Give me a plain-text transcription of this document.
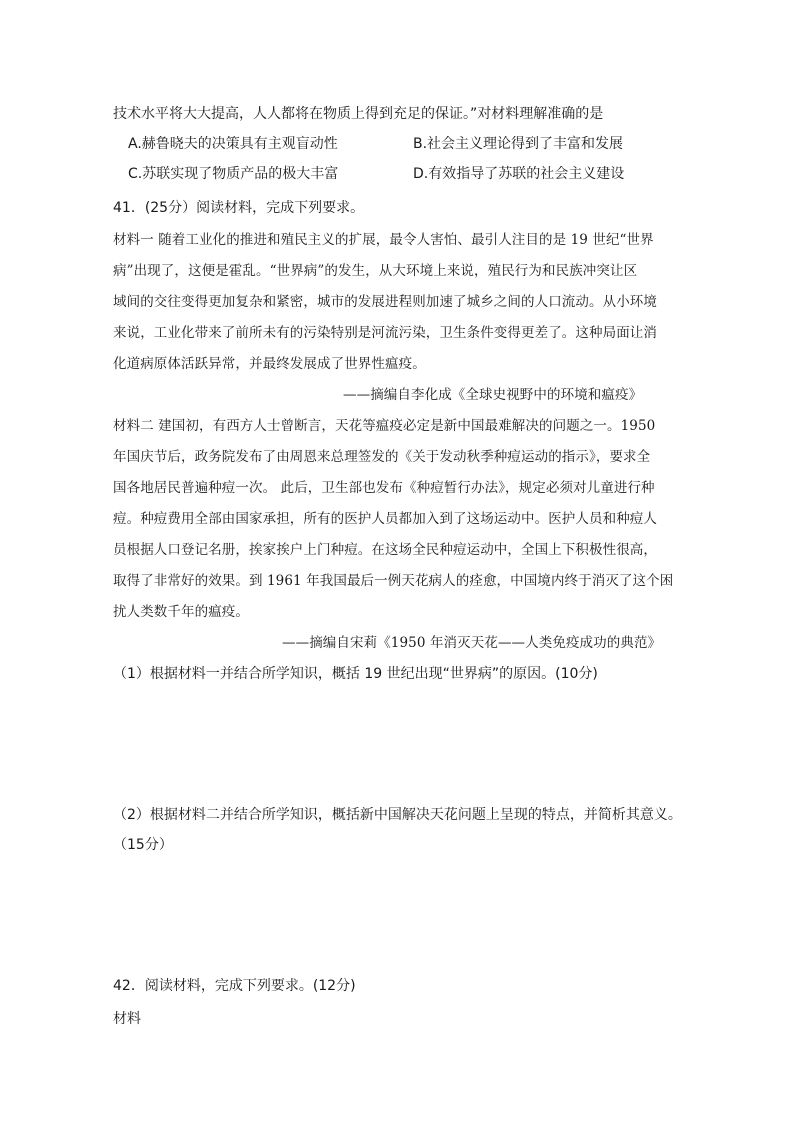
技术水平将大大提高，人人都将在物质上得到充足的保证。”对材料理解准确的是
A.赫鲁晓夫的决策具有主观盲动性	B.社会主义理论得到了丰富和发展
C.苏联实现了物质产品的极大丰富	D.有效指导了苏联的社会主义建设
41．(25分）阅读材料，完成下列要求。
材料一 随着工业化的推进和殖民主义的扩展，最令人害怕、最引人注目的是 19 世纪“世界
病”出现了，这便是霍乱。“世界病”的发生，从大环境上来说，殖民行为和民族冲突让区
域间的交往变得更加复杂和紧密，城市的发展进程则加速了城乡之间的人口流动。从小环境
来说，工业化带来了前所未有的污染特别是河流污染，卫生条件变得更差了。这种局面让消
化道病原体活跃异常，并最终发展成了世界性瘟疫。
——摘编自李化成《全球史视野中的环境和瘟疫》
材料二 建国初，有西方人士曾断言，天花等瘟疫必定是新中国最难解决的问题之一。1950
年国庆节后，政务院发布了由周恩来总理签发的《关于发动秋季种痘运动的指示》，要求全
国各地居民普遍种痘一次。 此后，卫生部也发布《种痘暂行办法》，规定必须对儿童进行种
痘。种痘费用全部由国家承担，所有的医护人员都加入到了这场运动中。医护人员和种痘人
员根据人口登记名册，挨家挨户上门种痘。在这场全民种痘运动中，全国上下积极性很高，
取得了非常好的效果。到 1961 年我国最后一例天花病人的痊愈，中国境内终于消灭了这个困
扰人类数千年的瘟疫。
——摘编自宋莉《1950 年消灭天花——人类免疫成功的典范》
（1）根据材料一并结合所学知识，概括 19 世纪出现“世界病”的原因。(10分)
（2）根据材料二并结合所学知识，概括新中国解决天花问题上呈现的特点，并简析其意义。
（15分）
42．阅读材料，完成下列要求。(12分)
材料
